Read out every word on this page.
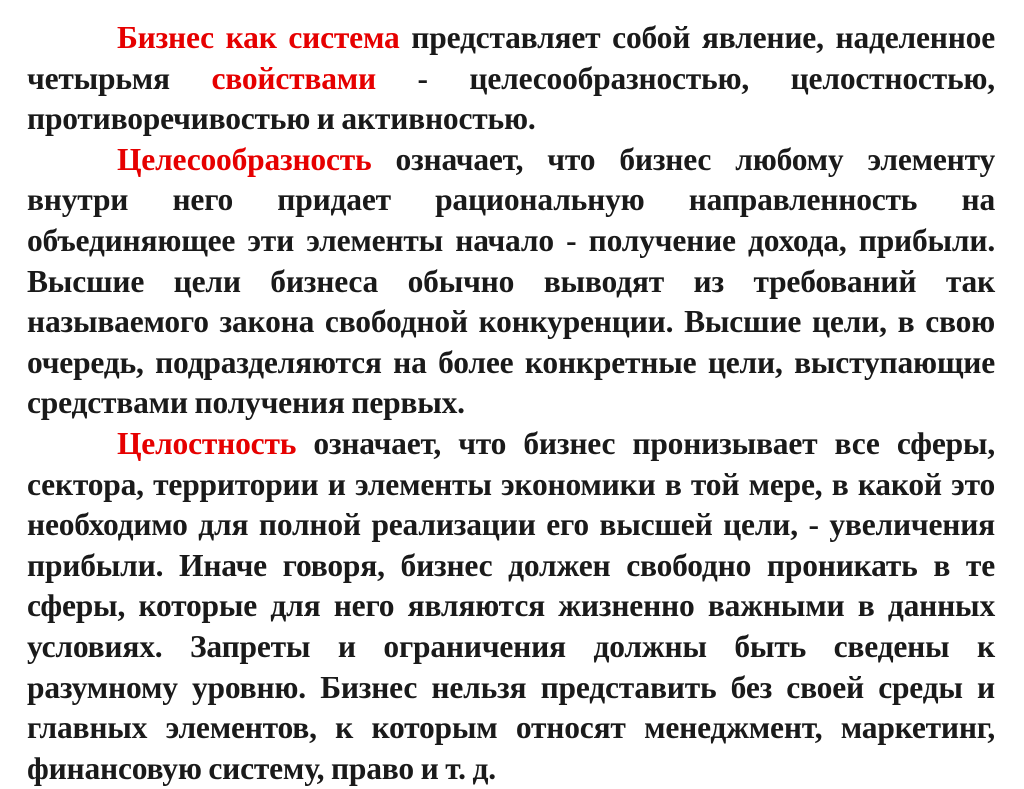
Бизнес как система представляет собой явление, наделенное четырьмя свойствами - целесообразностью, целостностью, противоречивостью и активностью.

Целесообразность означает, что бизнес любому элементу внутри него придает рациональную направленность на объединяющее эти элементы начало - получение дохода, прибыли. Высшие цели бизнеса обычно выводят из требований так называемого закона свободной конкуренции. Высшие цели, в свою очередь, подразделяются на более конкретные цели, выступающие средствами получения первых.

Целостность означает, что бизнес пронизывает все сферы, сектора, территории и элементы экономики в той мере, в какой это необходимо для полной реализации его высшей цели, - увеличения прибыли. Иначе говоря, бизнес должен свободно проникать в те сферы, которые для него являются жизненно важными в данных условиях. Запреты и ограничения должны быть сведены к разумному уровню. Бизнес нельзя представить без своей среды и главных элементов, к которым относят менеджмент, маркетинг, финансовую систему, право и т. д.
